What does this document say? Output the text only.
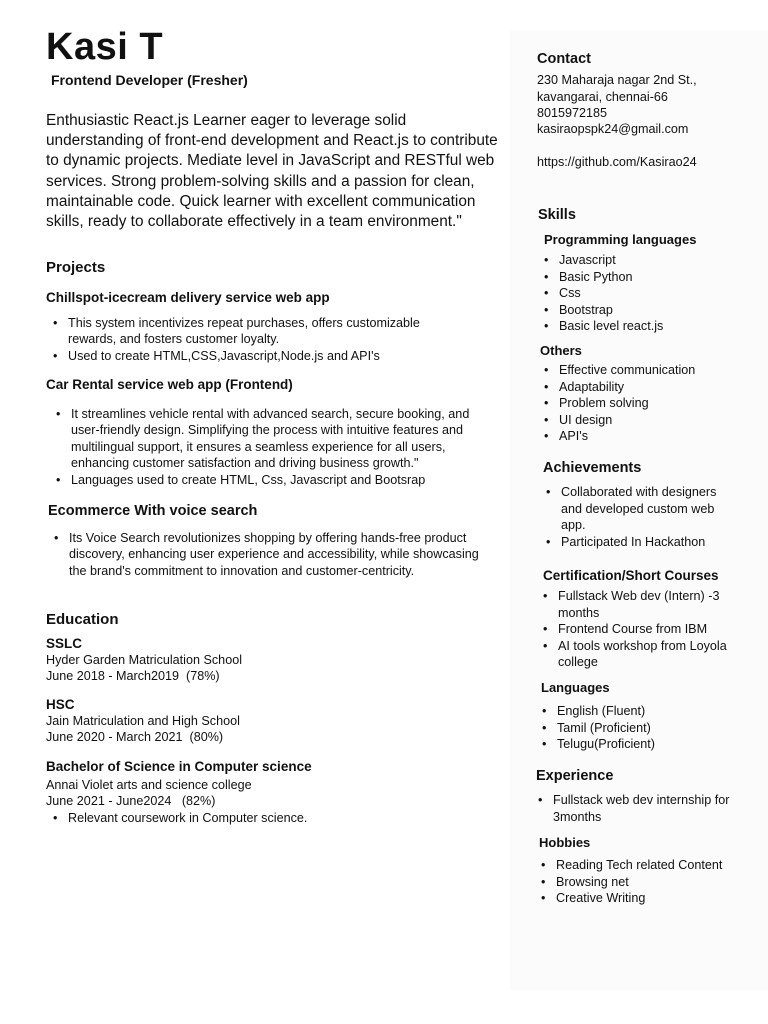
Kasi T
Frontend Developer (Fresher)

Enthusiastic React.js Learner eager to leverage solid understanding of front-end development and React.js to contribute to dynamic projects. Mediate level in JavaScript and RESTful web services. Strong problem-solving skills and a passion for clean, maintainable code. Quick learner with excellent communication skills, ready to collaborate effectively in a team environment."

Projects
Chillspot-icecream delivery service web app
• This system incentivizes repeat purchases, offers customizable rewards, and fosters customer loyalty.
• Used to create HTML,CSS,Javascript,Node.js and API's
Car Rental service web app (Frontend)
• It streamlines vehicle rental with advanced search, secure booking, and user-friendly design. Simplifying the process with intuitive features and multilingual support, it ensures a seamless experience for all users, enhancing customer satisfaction and driving business growth."
• Languages used to create HTML, Css, Javascript and Bootsrap
Ecommerce With voice search
• Its Voice Search revolutionizes shopping by offering hands-free product discovery, enhancing user experience and accessibility, while showcasing the brand's commitment to innovation and customer-centricity.
Education
SSLC
Hyder Garden Matriculation School
June 2018 - March2019  (78%)
HSC
Jain Matriculation and High School
June 2020 - March 2021  (80%)
Bachelor of Science in Computer science
Annai Violet arts and science college
June 2021 - June2024   (82%)
• Relevant coursework in Computer science.
Contact
230 Maharaja nagar 2nd St.,
kavangarai, chennai-66
8015972185
kasiraopspk24@gmail.com
https://github.com/Kasirao24
Skills
Programming languages
• Javascript
• Basic Python
• Css
• Bootstrap
• Basic level react.js
Others
• Effective communication
• Adaptability
• Problem solving
• UI design
• API's
Achievements
• Collaborated with designers and developed custom web app.
• Participated In Hackathon
Certification/Short Courses
• Fullstack Web dev (Intern) -3 months
• Frontend Course from IBM
• AI tools workshop from Loyola college
Languages
• English (Fluent)
• Tamil (Proficient)
• Telugu(Proficient)
Experience
• Fullstack web dev internship for 3months
Hobbies
• Reading Tech related Content
• Browsing net
• Creative Writing
